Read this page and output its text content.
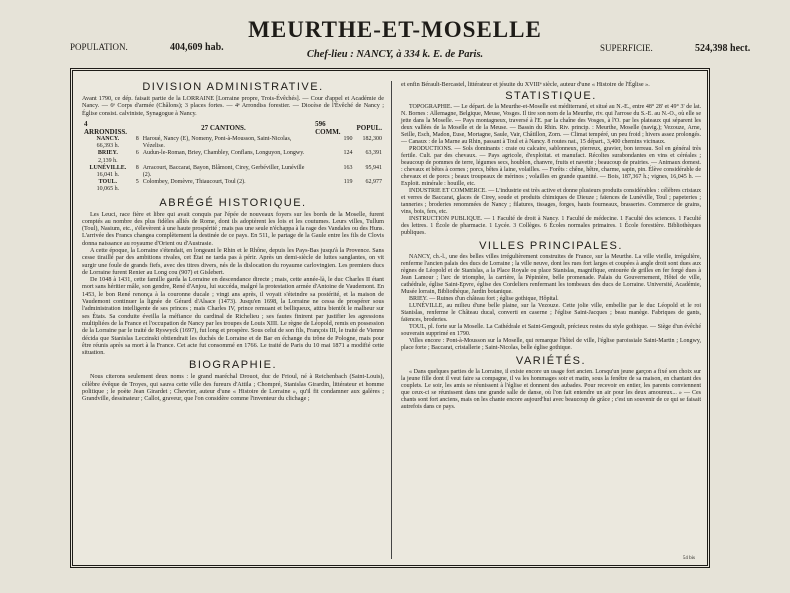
POPULATION.	404,609 hab.
MEURTHE-ET-MOSELLE
Chef-lieu : NANCY, à 334 k. E. de Paris.
SUPERFICIE.	524,398 hect.
DIVISION ADMINISTRATIVE.

Avant 1790, ce dép. faisait partie de la LORRAINE [Lorraine propre, Trois-Évêchés]. — Cour d'appel et Académie de Nancy. — 6ᵉ Corps d'armée (Châlons); 3 places fortes. — 4ᵉ Arrondiss forestier. — Diocèse de l'Évêché de Nancy ; Église consist. calviniste, Synagogue à Nancy.

4 ARRONDISS.	27 CANTONS.		596 COMM.	POPUL.
NANCY.
66,393 h.	8	Haroué, Nancy (E), Nomeny, Pont-à-Mousson, Saint-Nicolas, Vézelise.	190	182,300
BRIEY.
2,139 h.	6	Audun-le-Roman, Briey, Chambley, Conflans, Longuyon, Longwy.	124	63,391
LUNÉVILLE.
16,041 h.	8	Arracourt, Baccarat, Bayon, Blâmont, Cirey, Gerbéviller, Lunéville (2).	163	95,941
TOUL.
10,065 h.	5	Colombey, Domèvre, Thiaucourt, Toul (2).	119	62,977
ABRÉGÉ HISTORIQUE.

Les Leuci, race fière et libre qui avait conquis par l'épée de nouveaux foyers sur les bords de la Moselle, furent comptés au nombre des plus fidèles alliés de Rome, dont ils adoptèrent les lois et les coutumes. Leurs villes, Tullum (Toul), Nasium, etc., s'élevèrent à une haute prospérité ; mais pas une seule n'échappa à la rage des Vandales ou des Huns. L'arrivée des Francs changea complètement la destinée de ce pays. En 511, le partage de la Gaule entre les fils de Clovis donna naissance au royaume d'Orient ou d'Austrasie.

A cette époque, la Lorraine s'étendait, en longeant le Rhin et le Rhône, depuis les Pays-Bas jusqu'à la Provence. Sans cesse tiraillé par des ambitions rivales, cet État ne tarda pas à périr. Après un demi-siècle de luttes sanglantes, on vit surgir une foule de grands fiefs, avec des titres divers, nés de la dislocation du royaume carlovingien. Les premiers ducs de Lorraine furent Renier au Long cou (907) et Gislebert.

De 1048 à 1431, cette famille garda la Lorraine en descendance directe ; mais, cette année-là, le duc Charles II étant mort sans héritier mâle, son gendre, René d'Anjou, lui succéda, malgré la protestation armée d'Antoine de Vaudemont. En 1453, le bon René renonça à la couronne ducale ; vingt ans après, il voyait s'éteindre sa postérité, et la maison de Vaudemont continuer la lignée de Gérard d'Alsace (1473). Jusqu'en 1698, la Lorraine ne cessa de prospérer sous l'administration intelligente de ses princes ; mais Charles IV, prince remuant et belliqueux, attira bientôt le malheur sur ses États. Sa conduite éveilla la méfiance du cardinal de Richelieu ; ses fautes finirent par justifier les agressions multipliées de la France et l'occupation de Nancy par les troupes de Louis XIII. Le règne de Léopold, remis en possession de la Lorraine par le traité de Ryswyck (1697), fut long et prospère. Sous celui de son fils, François III, le traité de Vienne décida que Stanislas Leczinski obtiendrait les duchés de Lorraine et de Bar en échange du trône de Pologne, mais pour être réunis après sa mort à la France. Cet acte fut consommé en 1766. Le traité de Paris du 10 mai 1871 a modifié cette situation.

BIOGRAPHIE.

Nous citerons seulement deux noms : le grand maréchal Drouot, duc de Frioul, né à Reichenbach (Saint-Louis), célèbre évêque de Troyes, qui sauva cette ville des fureurs d'Attila ; Chompré, Stanislas Girardin, littérateur et homme politique ; le poète Jean Girardet ; Chevrier, auteur d'une « Histoire de Lorraine », qu'il fit condamner aux galères ; Grandville, dessinateur ; Callot, graveur, que l'on considère comme l'inventeur du clichage ;

et enfin Bérault-Bercastel, littérateur et jésuite du XVIIIᵉ siècle, auteur d'une « Histoire de l'Église ».

STATISTIQUE.

TOPOGRAPHIE. — Le départ. de la Meurthe-et-Moselle est méditerrané, et situé au N.-E., entre 48° 28' et 49° 3' de lat. N. Bornes : Allemagne, Belgique, Meuse, Vosges. Il tire son nom de la Meurthe, riv. qui l'arrose du S.-E. au N.-O., où elle se jette dans la Moselle. — Pays montagneux, traversé à l'E. par la chaîne des Vosges, à l'O. par les plateaux qui séparent les deux vallées de la Moselle et de la Meuse. — Bassin du Rhin. Riv. princip. : Meurthe, Moselle (navig.); Vezouze, Arne, Seille, Esch, Madon, Euse, Mortagne, Saule, Vair, Châtillon, Zorn. — Climat tempéré, un peu froid ; hivers assez prolongés. — Canaux : de la Marne au Rhin, passant à Toul et à Nancy. 8 routes nat., 15 départ., 3,400 chemins vicinaux.

PRODUCTIONS. — Sols dominants : craie ou calcaire, sablonneux, pierreux, gravier, bon terreau. Sol en général très fertile. Cult. par des chevaux. — Pays agricole, d'exploitat. et manufact. Récoltes surabondantes en vins et céréales ; beaucoup de pommes de terre, légumes secs, houblon, chanvre, fruits et navette ; beaucoup de prairies. — Animaux domest. : chevaux et bêtes à cornes ; porcs, bêtes à laine, volailles. — Forêts : chêne, hêtre, charme, sapin, pin. Élève considérable de chevaux et de porcs ; beaux troupeaux de mérinos ; volailles en grande quantité. — Bois, 187,367 h.; vignes, 16,045 h. — Exploit. minérale : houille, etc.

INDUSTRIE ET COMMERCE. — L'industrie est très active et donne plusieurs produits considérables : célèbres cristaux et verres de Baccarat, glaces de Cirey, soude et produits chimiques de Dieuze ; faïences de Lunéville, Toul ; papeteries ; tanneries ; broderies renommées de Nancy ; filatures, tissages, forges, hauts fourneaux, brasseries. Commerce de grains, vins, bois, fers, etc.

INSTRUCTION PUBLIQUE. — 1 Faculté de droit à Nancy. 1 Faculté de médecine. 1 Faculté des sciences. 1 Faculté des lettres. 1 École de pharmacie. 1 Lycée. 3 Collèges. 6 Écoles normales primaires. 1 École forestière. Bibliothèques publiques.

VILLES PRINCIPALES.

NANCY, ch.-l., une des belles villes irrégulièrement construites de France, sur la Meurthe. La ville vieille, irrégulière, renferme l'ancien palais des ducs de Lorraine ; la ville neuve, dont les rues fort larges et coupées à angle droit sont dues aux règnes de Léopold et de Stanislas, a la Place Royale ou place Stanislas, magnifique, entourée de grilles en fer forgé dues à Jean Lamour ; l'arc de triomphe, la carrière, la Pépinière, belle promenade. Palais du Gouvernement, Hôtel de ville, cathédrale, église Saint-Epvre, église des Cordeliers renfermant les tombeaux des ducs de Lorraine. Université, Académie, Musée lorrain, Bibliothèque, Jardin botanique.

BRIEY. — Ruines d'un château fort ; église gothique, Hôpital.

LUNÉVILLE, au milieu d'une belle plaine, sur la Vezouze. Cette jolie ville, embellie par le duc Léopold et le roi Stanislas, renferme le Château ducal, converti en caserne ; l'église Saint-Jacques ; beau manège. Fabriques de gants, faïences, broderies.

TOUL, pl. forte sur la Moselle. La Cathédrale et Saint-Gengoult, précieux restes du style gothique. — Siège d'un évêché souverain supprimé en 1790.

Villes encore : Pont-à-Mousson sur la Moselle, qui remarque l'hôtel de ville, l'église paroissiale Saint-Martin ; Longwy, place forte ; Baccarat, cristallerie ; Saint-Nicolas, belle église gothique.

VARIÉTÉS.

« Dans quelques parties de la Lorraine, il existe encore un usage fort ancien. Lorsqu'un jeune garçon a fixé son choix sur la jeune fille dont il veut faire sa compagne, il va les hommages soir et matin, sous la fenêtre de sa maison, en chantant des couplets. Le soir, les amis se réunissent à l'église et donnent des aubades. Pour recevoir en entier, les parents conviennent que ceux-ci se réunissent dans une grande salle de danse, où l'on fait entendre un air pour les deux amoureux... » — Ces chants sont fort anciens, mais on les chante encore aujourd'hui avec beaucoup de grâce ; c'est un souvenir de ce qui se faisait autrefois dans ce pays.

54 bis
